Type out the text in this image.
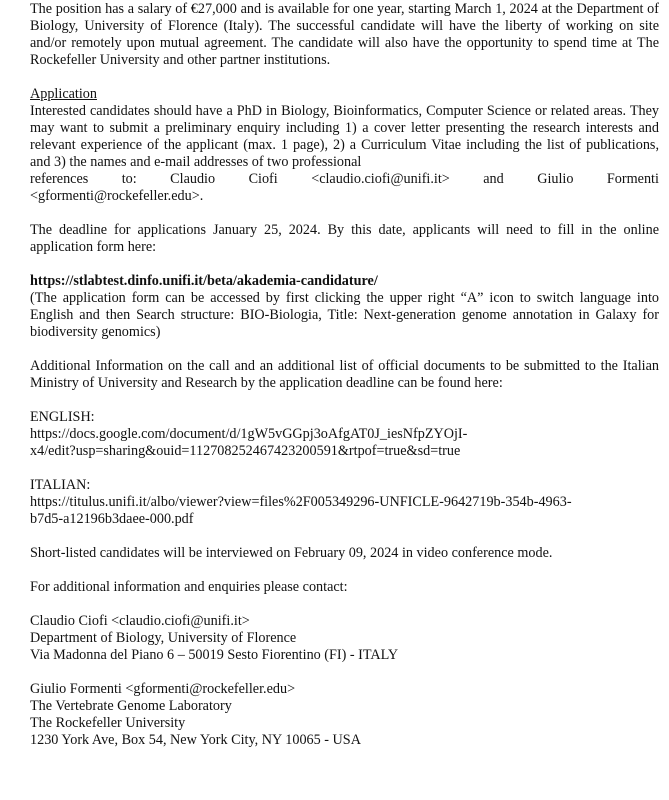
The position has a salary of €27,000 and is available for one year, starting March 1, 2024 at the Department of Biology, University of Florence (Italy). The successful candidate will have the liberty of working on site and/or remotely upon mutual agreement. The candidate will also have the opportunity to spend time at The Rockefeller University and other partner institutions.

Application

Interested candidates should have a PhD in Biology, Bioinformatics, Computer Science or related areas. They may want to submit a preliminary enquiry including 1) a cover letter presenting the research interests and relevant experience of the applicant (max. 1 page), 2) a Curriculum Vitae including the list of publications, and 3) the names and e-mail addresses of two professional

references to: Claudio Ciofi <claudio.ciofi@unifi.it> and Giulio Formenti

<gformenti@rockefeller.edu>.

The deadline for applications January 25, 2024. By this date, applicants will need to fill in the online application form here:

https://stlabtest.dinfo.unifi.it/beta/akademia-candidature/

(The application form can be accessed by first clicking the upper right “A” icon to switch language into English and then Search structure: BIO-Biologia, Title: Next-generation genome annotation in Galaxy for biodiversity genomics)

Additional Information on the call and an additional list of official documents to be submitted to the Italian Ministry of University and Research by the application deadline can be found here:

ENGLISH:

https://docs.google.com/document/d/1gW5vGGpj3oAfgAT0J_iesNfpZYOjI-

x4/edit?usp=sharing&ouid=112708252467423200591&rtpof=true&sd=true

ITALIAN:

https://titulus.unifi.it/albo/viewer?view=files%2F005349296-UNFICLE-9642719b-354b-4963-

b7d5-a12196b3daee-000.pdf

Short-listed candidates will be interviewed on February 09, 2024 in video conference mode.

For additional information and enquiries please contact:

Claudio Ciofi <claudio.ciofi@unifi.it>

Department of Biology, University of Florence

Via Madonna del Piano 6 – 50019 Sesto Fiorentino (FI) - ITALY

Giulio Formenti <gformenti@rockefeller.edu>

The Vertebrate Genome Laboratory

The Rockefeller University

1230 York Ave, Box 54, New York City, NY 10065 - USA
